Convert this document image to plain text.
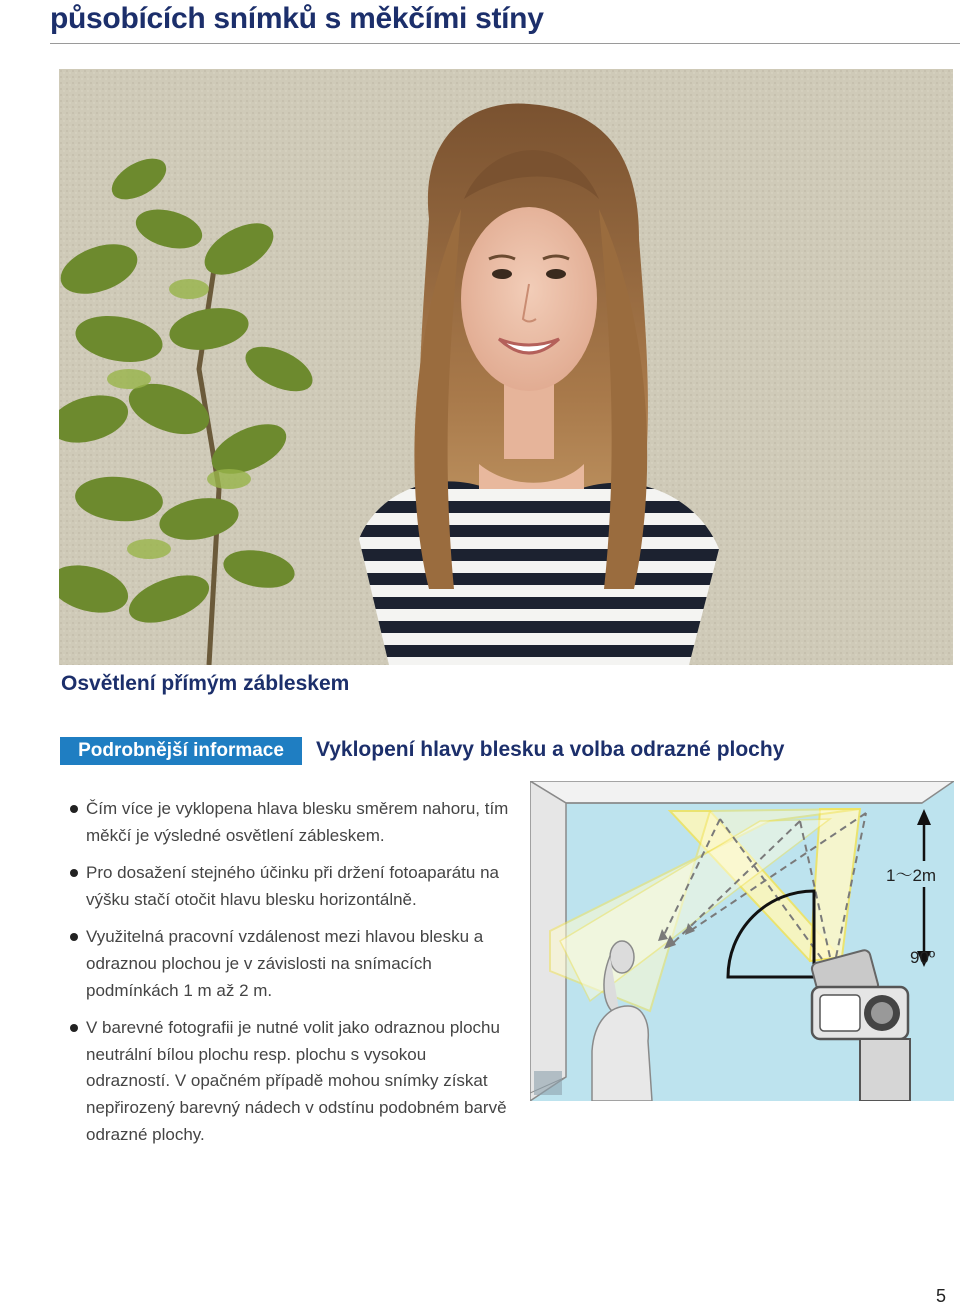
působících snímků s měkčími stíny

Osvětlení přímým zábleskem

Podrobnější informace	Vyklopení hlavy blesku a volba odrazné plochy
Čím více je vyklopena hlava blesku směrem nahoru, tím měkčí je výsledné osvětlení zábleskem.
Pro dosažení stejného účinku při držení fotoaparátu na výšku stačí otočit hlavu blesku horizontálně.
Využitelná pracovní vzdálenost mezi hlavou blesku a odraznou plochou je v závislosti na snímacích podmínkách 1 m až 2 m.
V barevné fotografii je nutné volit jako odraznou plochu neutrální bílou plochu resp. plochu s vysokou odrazností. V opačném případě mohou snímky získat nepřirozený barevný nádech v odstínu podobném barvě odrazné plochy.
1〜2m
90º
5
